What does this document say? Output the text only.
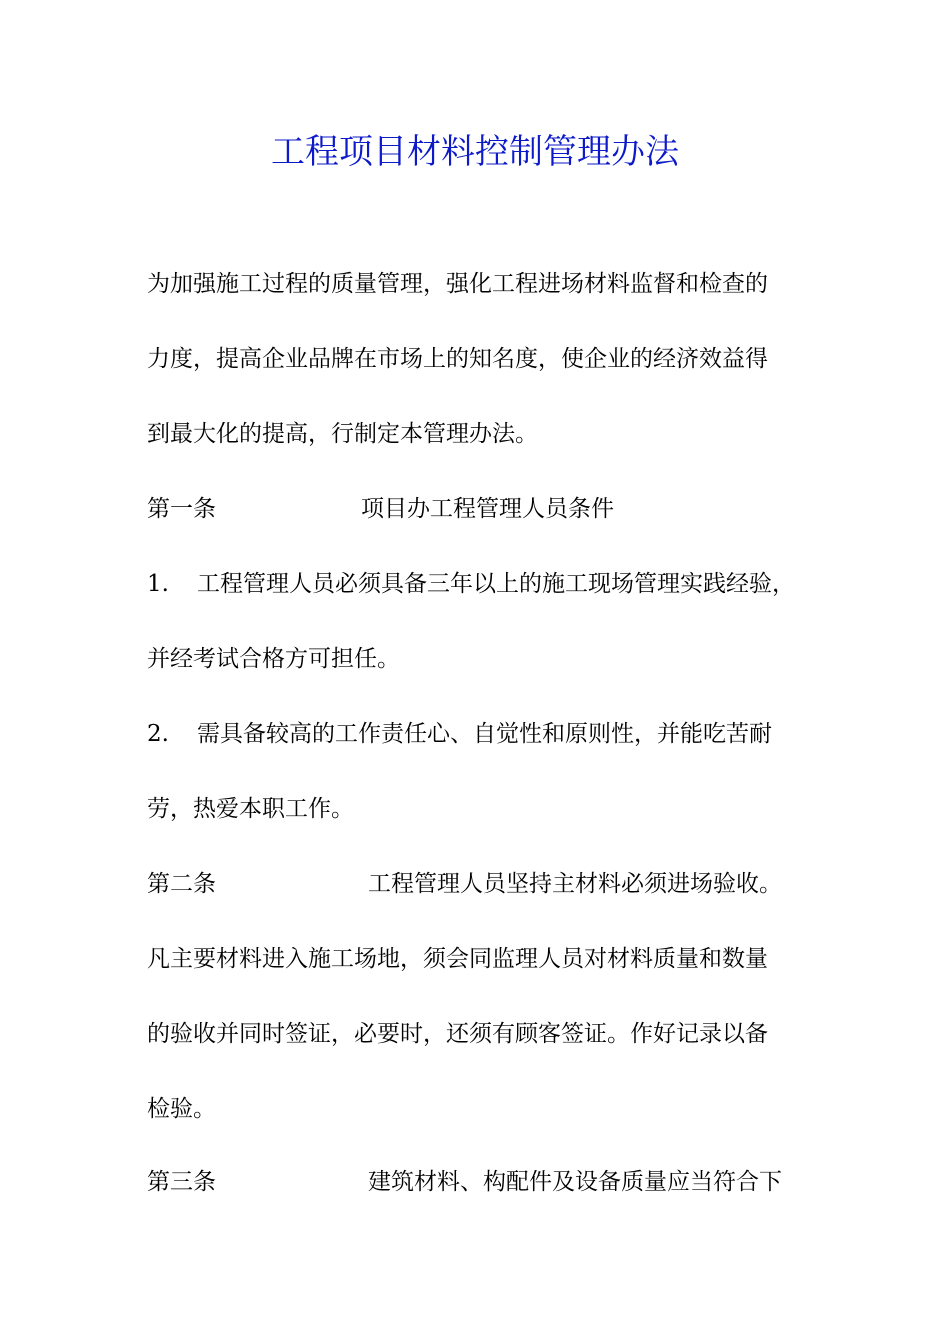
工程项目材料控制管理办法
为加强施工过程的质量管理，强化工程进场材料监督和检查的
力度，提高企业品牌在市场上的知名度，使企业的经济效益得
到最大化的提高，行制定本管理办法。
第一条	项目办工程管理人员条件
1. 工程管理人员必须具备三年以上的施工现场管理实践经验，
并经考试合格方可担任。
2. 需具备较高的工作责任心、自觉性和原则性，并能吃苦耐
劳，热爱本职工作。
第二条	工程管理人员坚持主材料必须进场验收。
凡主要材料进入施工场地，须会同监理人员对材料质量和数量
的验收并同时签证，必要时，还须有顾客签证。作好记录以备
检验。
第三条	建筑材料、构配件及设备质量应当符合下
